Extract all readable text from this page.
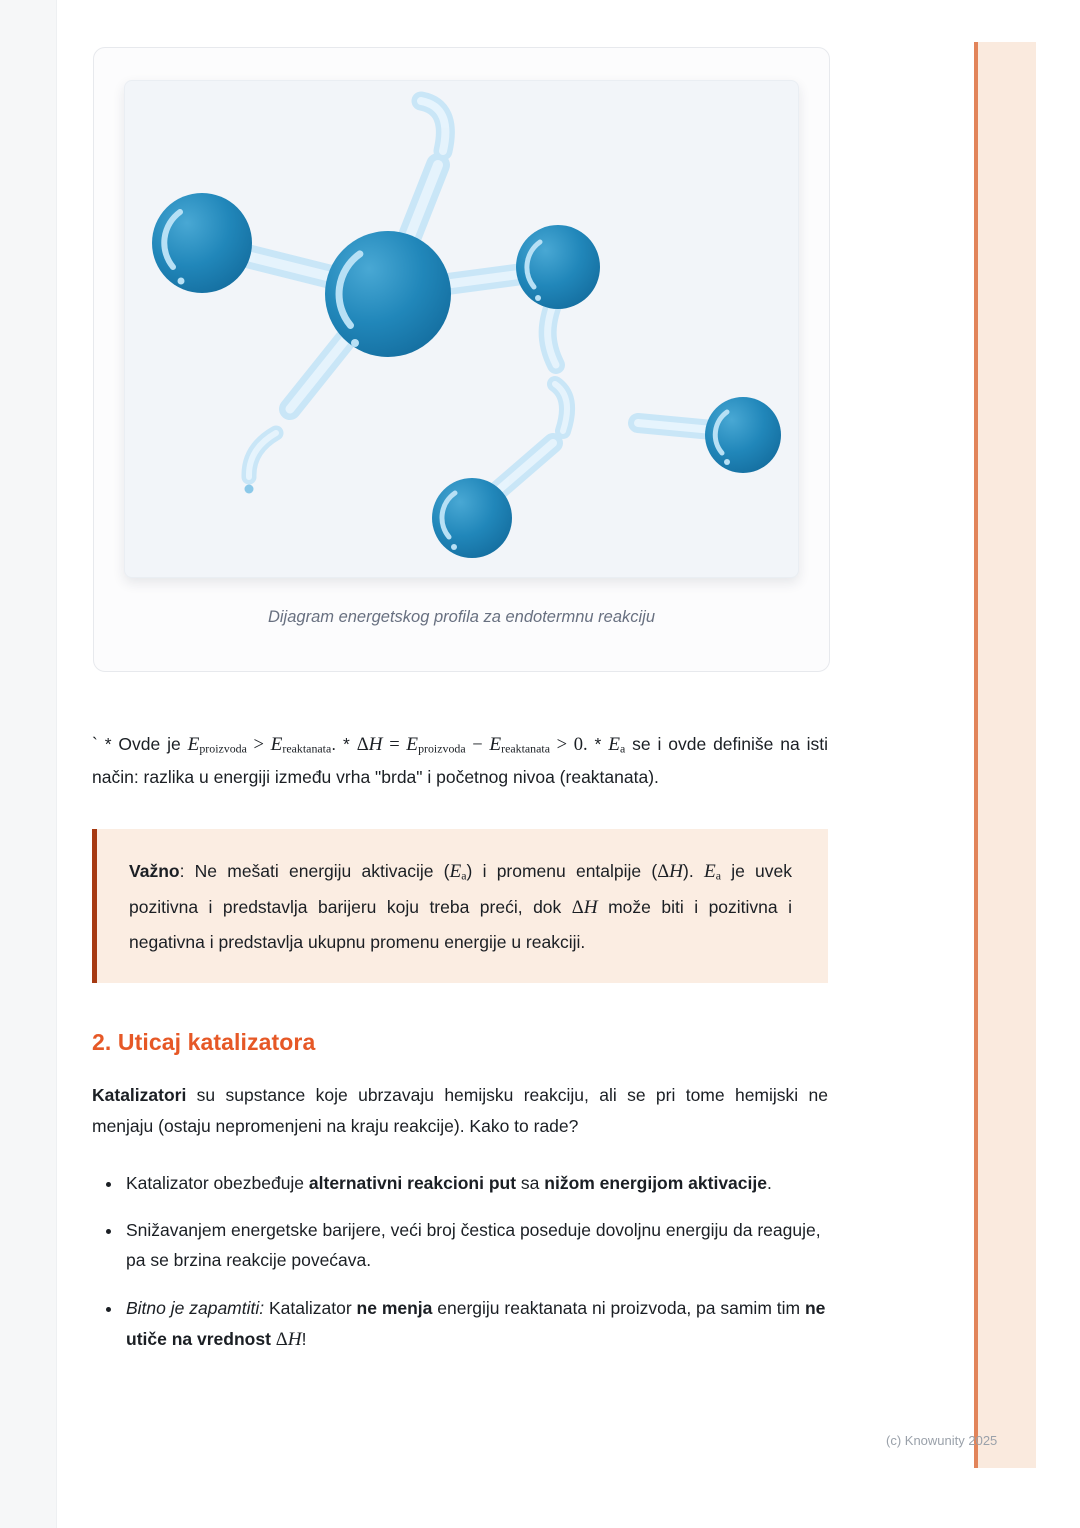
Dijagram energetskog profila za endotermnu reakciju

` * Ovde je $E_{proizvoda} > E_{reaktanata}$. * $\Delta H = E_{proizvoda} - E_{reaktanata} > 0$. * $E_a$ se i ovde definiše na isti način: razlika u energiji između vrha "brda" i početnog nivoa (reaktanata).

Važno: Ne mešati energiju aktivacije $(E_a)$ i promenu entalpije (ΔH). $E_a$ je uvek pozitivna i predstavlja barijeru koju treba preći, dok ΔH može biti i pozitivna i negativna i predstavlja ukupnu promenu energije u reakciji.
2. Uticaj katalizatora

Katalizatori su supstance koje ubrzavaju hemijsku reakciju, ali se pri tome hemijski ne menjaju (ostaju nepromenjeni na kraju reakcije). Kako to rade?

• Katalizator obezbeđuje alternativni reakcioni put sa nižom energijom aktivacije.
• Snižavanjem energetske barijere, veći broj čestica poseduje dovoljnu energiju da reaguje, pa se brzina reakcije povećava.
• Bitno je zapamtiti: Katalizator ne menja energiju reaktanata ni proizvoda, pa samim tim ne utiče na vrednost ΔH!
(c) Knowunity 2025
